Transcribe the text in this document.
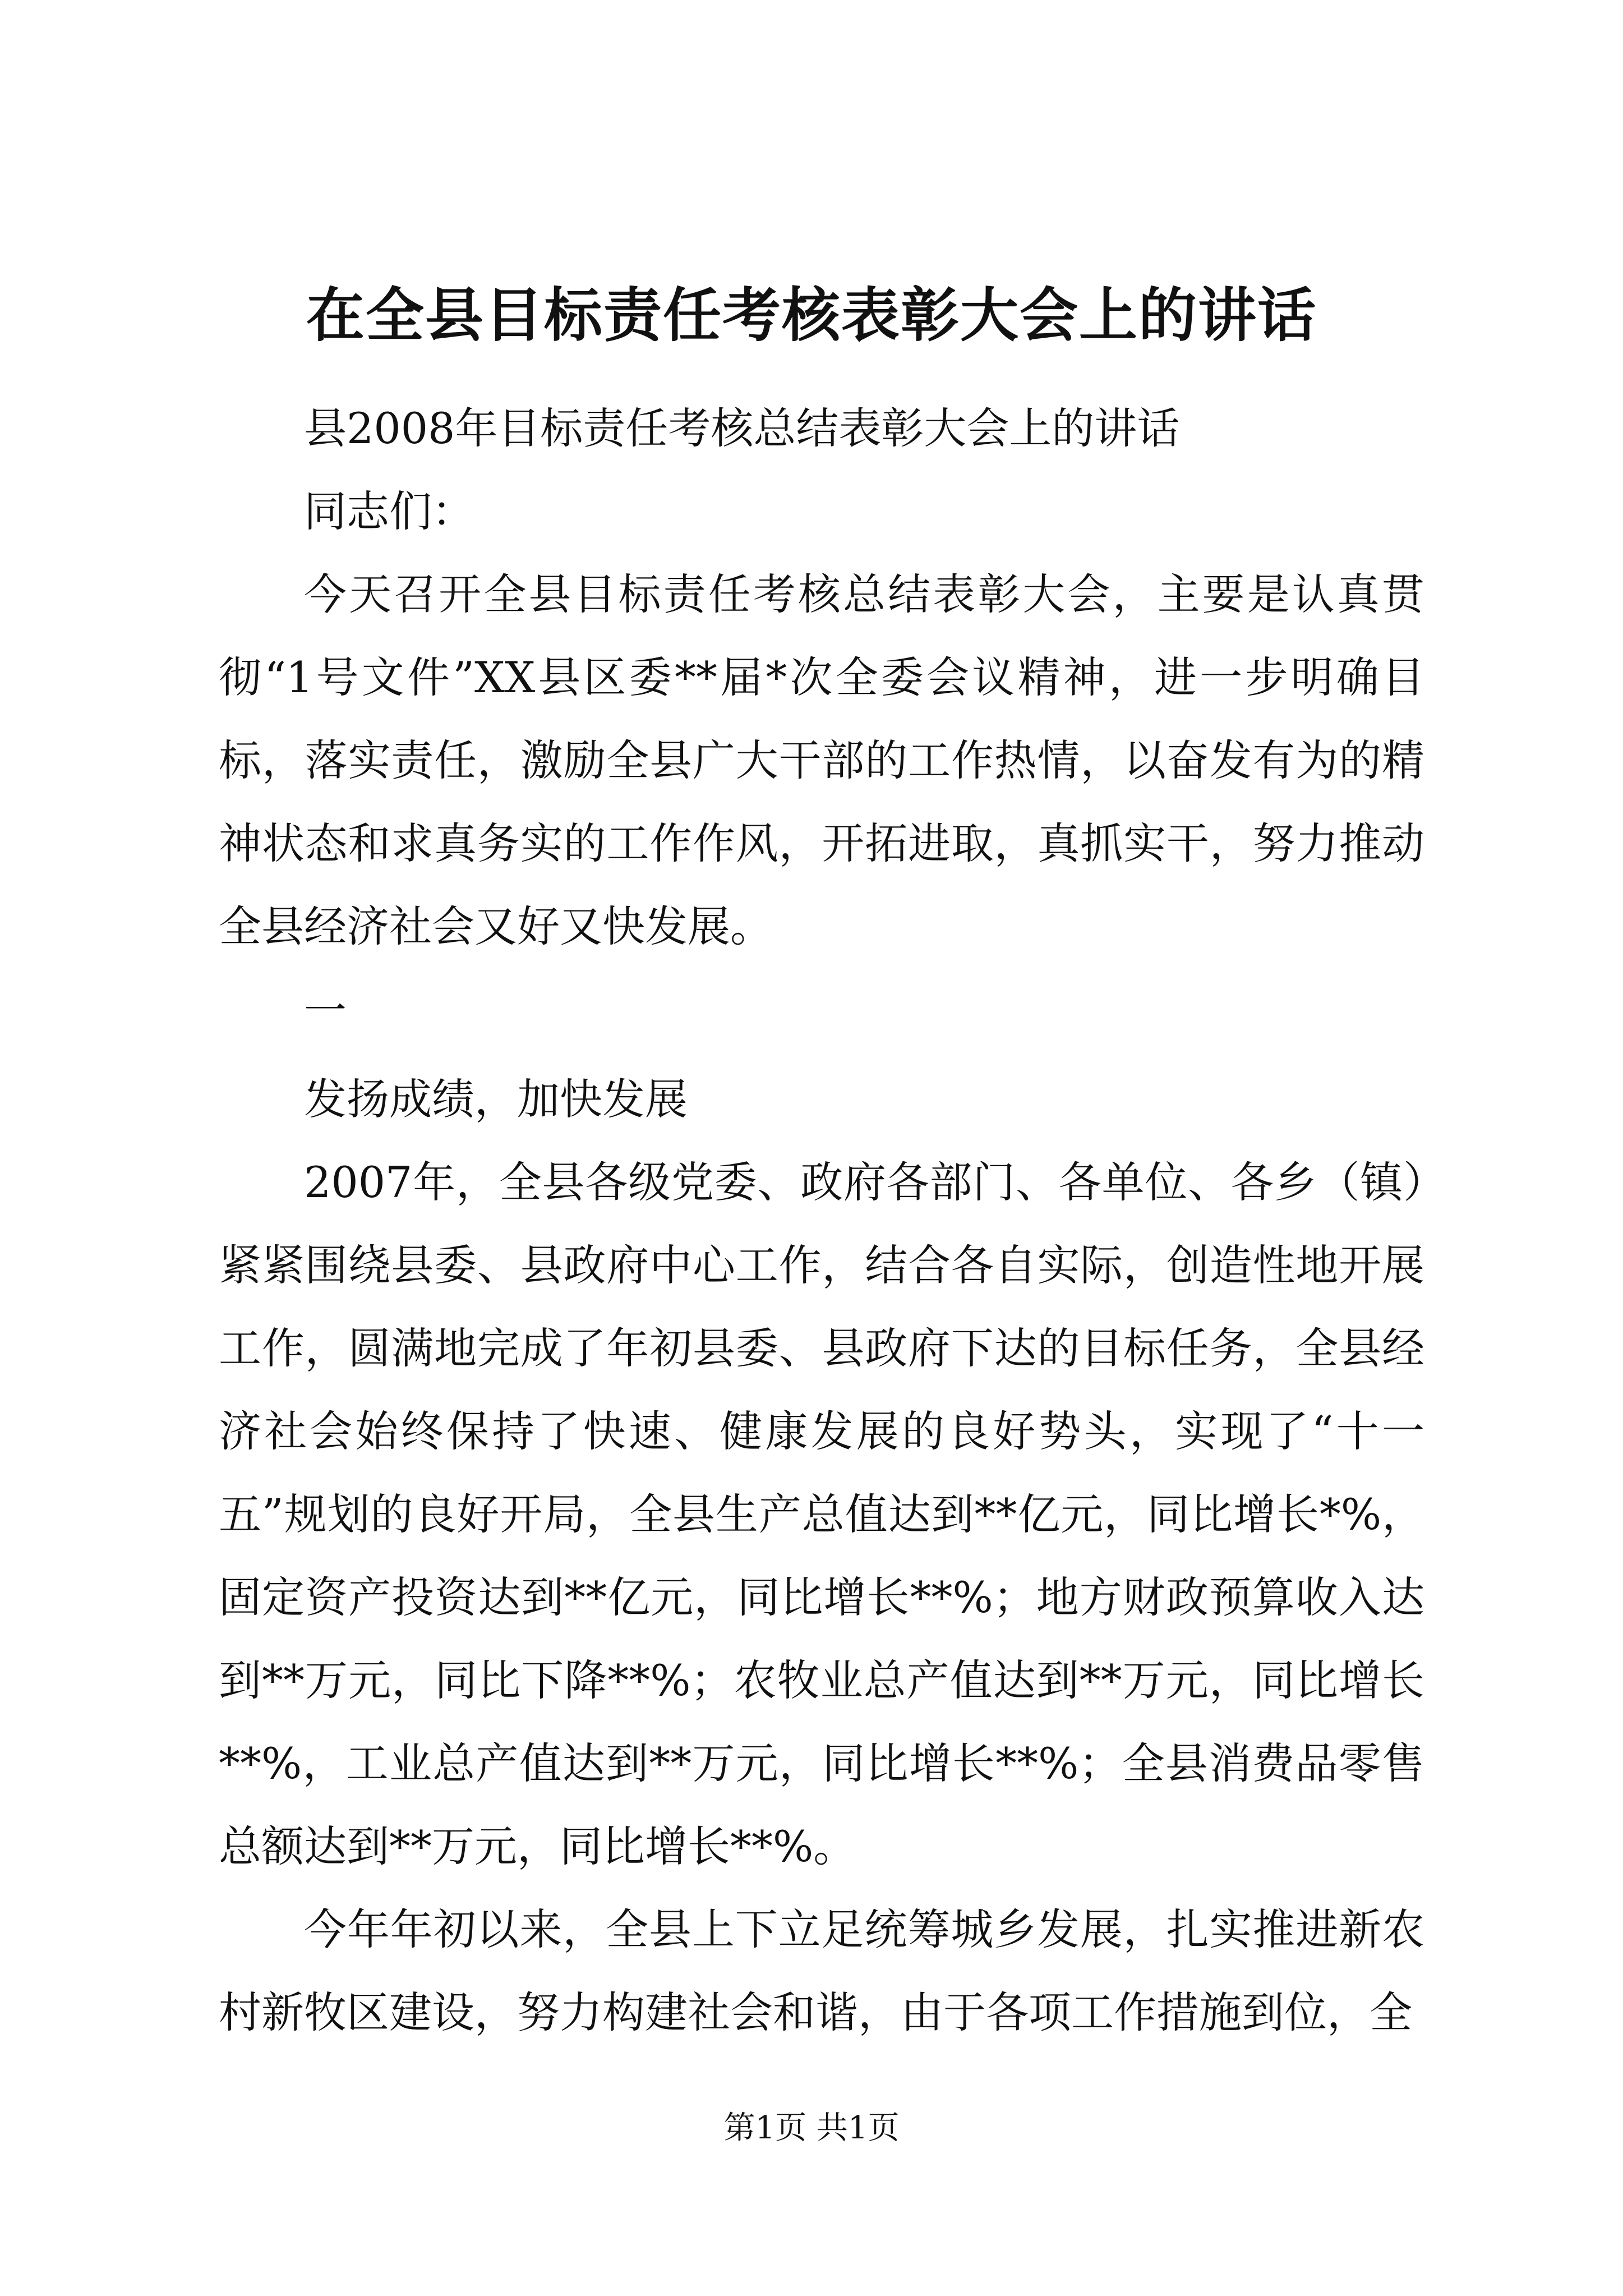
在全县目标责任考核表彰大会上的讲话

县2008年目标责任考核总结表彰大会上的讲话

同志们：

今天召开全县目标责任考核总结表彰大会，主要是认真贯彻“1号文件”XX县区委**届*次全委会议精神，进一步明确目标，落实责任，激励全县广大干部的工作热情，以奋发有为的精神状态和求真务实的工作作风，开拓进取，真抓实干，努力推动全县经济社会又好又快发展。

一

发扬成绩，加快发展

2007年，全县各级党委、政府各部门、各单位、各乡（镇）紧紧围绕县委、县政府中心工作，结合各自实际，创造性地开展工作，圆满地完成了年初县委、县政府下达的目标任务，全县经济社会始终保持了快速、健康发展的良好势头，实现了“十一五”规划的良好开局，全县生产总值达到**亿元，同比增长*%，固定资产投资达到**亿元，同比增长**%；地方财政预算收入达到**万元，同比下降**%；农牧业总产值达到**万元，同比增长**%，工业总产值达到**万元，同比增长**%；全县消费品零售总额达到**万元，同比增长**%。

今年年初以来，全县上下立足统筹城乡发展，扎实推进新农村新牧区建设，努力构建社会和谐，由于各项工作措施到位，全

第1页 共1页
